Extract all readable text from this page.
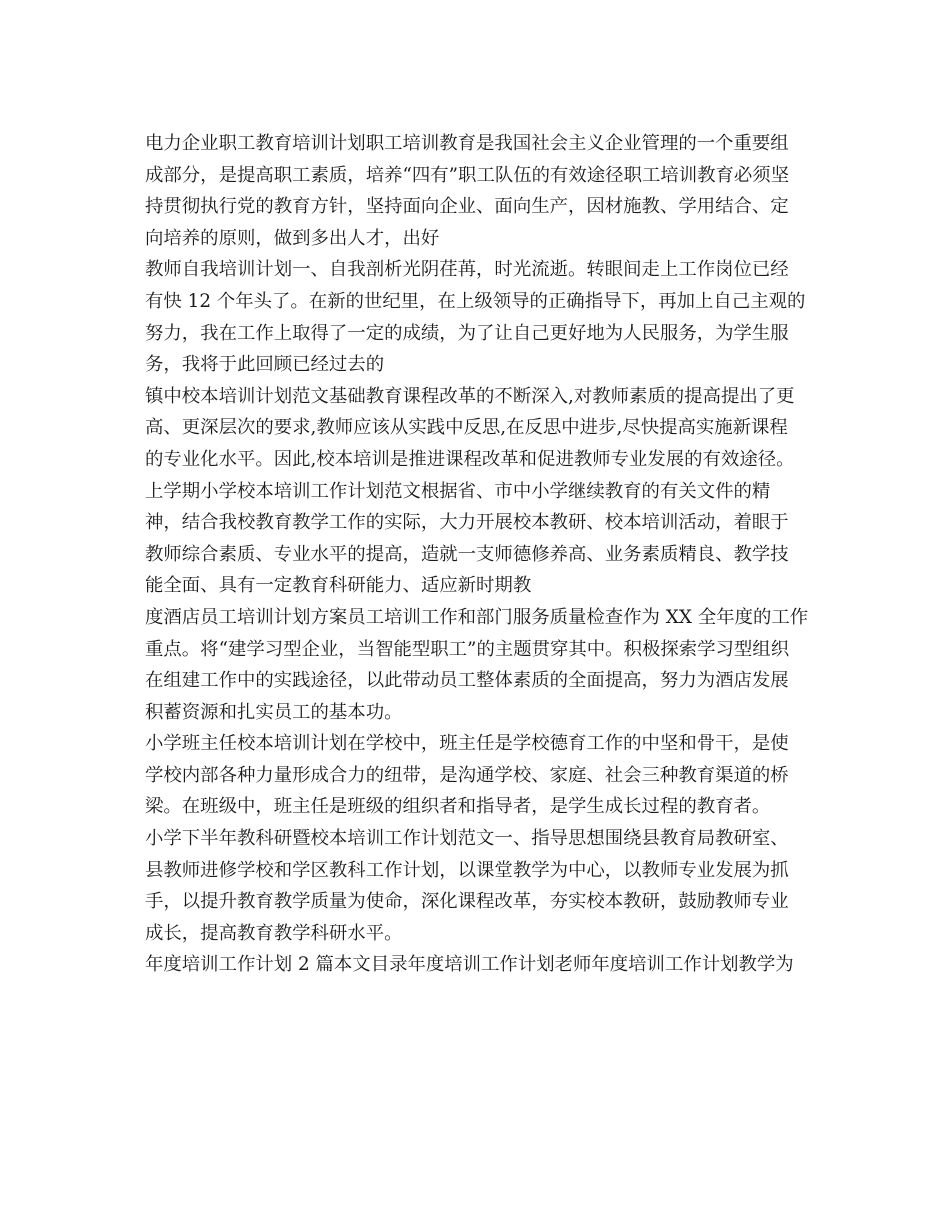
电力企业职工教育培训计划职工培训教育是我国社会主义企业管理的一个重要组
成部分，是提高职工素质，培养“四有”职工队伍的有效途径职工培训教育必须坚
持贯彻执行党的教育方针，坚持面向企业、面向生产，因材施教、学用结合、定
向培养的原则，做到多出人才，出好

教师自我培训计划一、自我剖析光阴荏苒，时光流逝。转眼间走上工作岗位已经
有快 12 个年头了。在新的世纪里，在上级领导的正确指导下，再加上自己主观的
努力，我在工作上取得了一定的成绩，为了让自己更好地为人民服务，为学生服
务，我将于此回顾已经过去的

镇中校本培训计划范文基础教育课程改革的不断深入,对教师素质的提高提出了更
高、更深层次的要求,教师应该从实践中反思,在反思中进步,尽快提高实施新课程
的专业化水平。因此,校本培训是推进课程改革和促进教师专业发展的有效途径。

上学期小学校本培训工作计划范文根据省、市中小学继续教育的有关文件的精
神，结合我校教育教学工作的实际，大力开展校本教研、校本培训活动，着眼于
教师综合素质、专业水平的提高，造就一支师德修养高、业务素质精良、教学技
能全面、具有一定教育科研能力、适应新时期教

度酒店员工培训计划方案员工培训工作和部门服务质量检查作为 XX 全年度的工作
重点。将“建学习型企业，当智能型职工”的主题贯穿其中。积极探索学习型组织
在组建工作中的实践途径，以此带动员工整体素质的全面提高，努力为酒店发展
积蓄资源和扎实员工的基本功。

小学班主任校本培训计划在学校中，班主任是学校德育工作的中坚和骨干，是使
学校内部各种力量形成合力的纽带，是沟通学校、家庭、社会三种教育渠道的桥
梁。在班级中，班主任是班级的组织者和指导者，是学生成长过程的教育者。

小学下半年教科研暨校本培训工作计划范文一、指导思想围绕县教育局教研室、
县教师进修学校和学区教科工作计划，以课堂教学为中心，以教师专业发展为抓
手，以提升教育教学质量为使命，深化课程改革，夯实校本教研，鼓励教师专业
成长，提高教育教学科研水平。

年度培训工作计划 2 篇本文目录年度培训工作计划老师年度培训工作计划教学为
